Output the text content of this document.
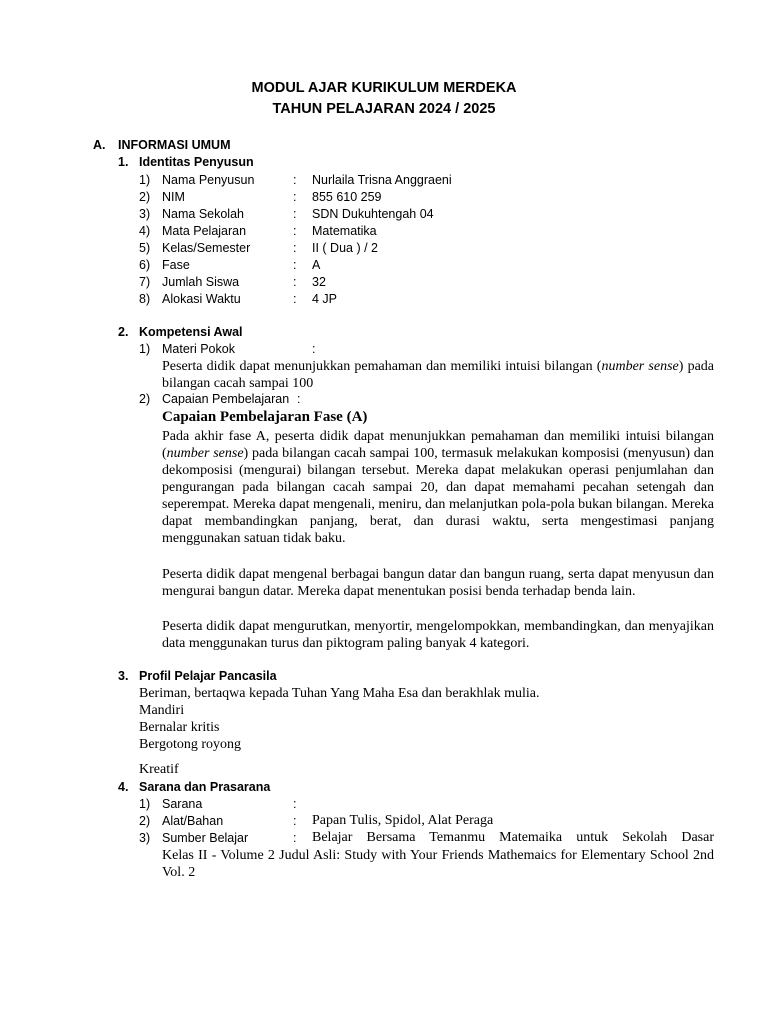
MODUL AJAR KURIKULUM MERDEKA
TAHUN PELAJARAN 2024 / 2025
A. INFORMASI UMUM
1. Identitas Penyusun
1) Nama Penyusun	: Nurlaila Trisna Anggraeni
2) NIM	: 855 610 259
3) Nama Sekolah	: SDN Dukuhtengah 04
4) Mata Pelajaran	: Matematika
5) Kelas/Semester	: II ( Dua ) / 2
6) Fase	: A
7) Jumlah Siswa	: 32
8) Alokasi Waktu	: 4 JP
2. Kompetensi Awal
1) Materi Pokok	:
Peserta didik dapat menunjukkan pemahaman dan memiliki intuisi bilangan (number sense) pada bilangan cacah sampai 100
2) Capaian Pembelajaran :
Capaian Pembelajaran Fase (A)
Pada akhir fase A, peserta didik dapat menunjukkan pemahaman dan memiliki intuisi bilangan (number sense) pada bilangan cacah sampai 100, termasuk melakukan komposisi (menyusun) dan dekomposisi (mengurai) bilangan tersebut. Mereka dapat melakukan operasi penjumlahan dan pengurangan pada bilangan cacah sampai 20, dan dapat memahami pecahan setengah dan seperempat. Mereka dapat mengenali, meniru, dan melanjutkan pola-pola bukan bilangan. Mereka dapat membandingkan panjang, berat, dan durasi waktu, serta mengestimasi panjang menggunakan satuan tidak baku.
Peserta didik dapat mengenal berbagai bangun datar dan bangun ruang, serta dapat menyusun dan mengurai bangun datar. Mereka dapat menentukan posisi benda terhadap benda lain.
Peserta didik dapat mengurutkan, menyortir, mengelompokkan, membandingkan, dan menyajikan data menggunakan turus dan piktogram paling banyak 4 kategori.
3. Profil Pelajar Pancasila
Beriman, bertaqwa kepada Tuhan Yang Maha Esa dan berakhlak mulia.
Mandiri
Bernalar kritis
Bergotong royong
Kreatif
4. Sarana dan Prasarana
1) Sarana	:
2) Alat/Bahan	: Papan Tulis, Spidol, Alat Peraga
3) Sumber Belajar	: Belajar Bersama Temanmu Matemaika untuk Sekolah Dasar
Kelas II - Volume 2 Judul Asli: Study with Your Friends Mathemaics for Elementary School 2nd Vol. 2
